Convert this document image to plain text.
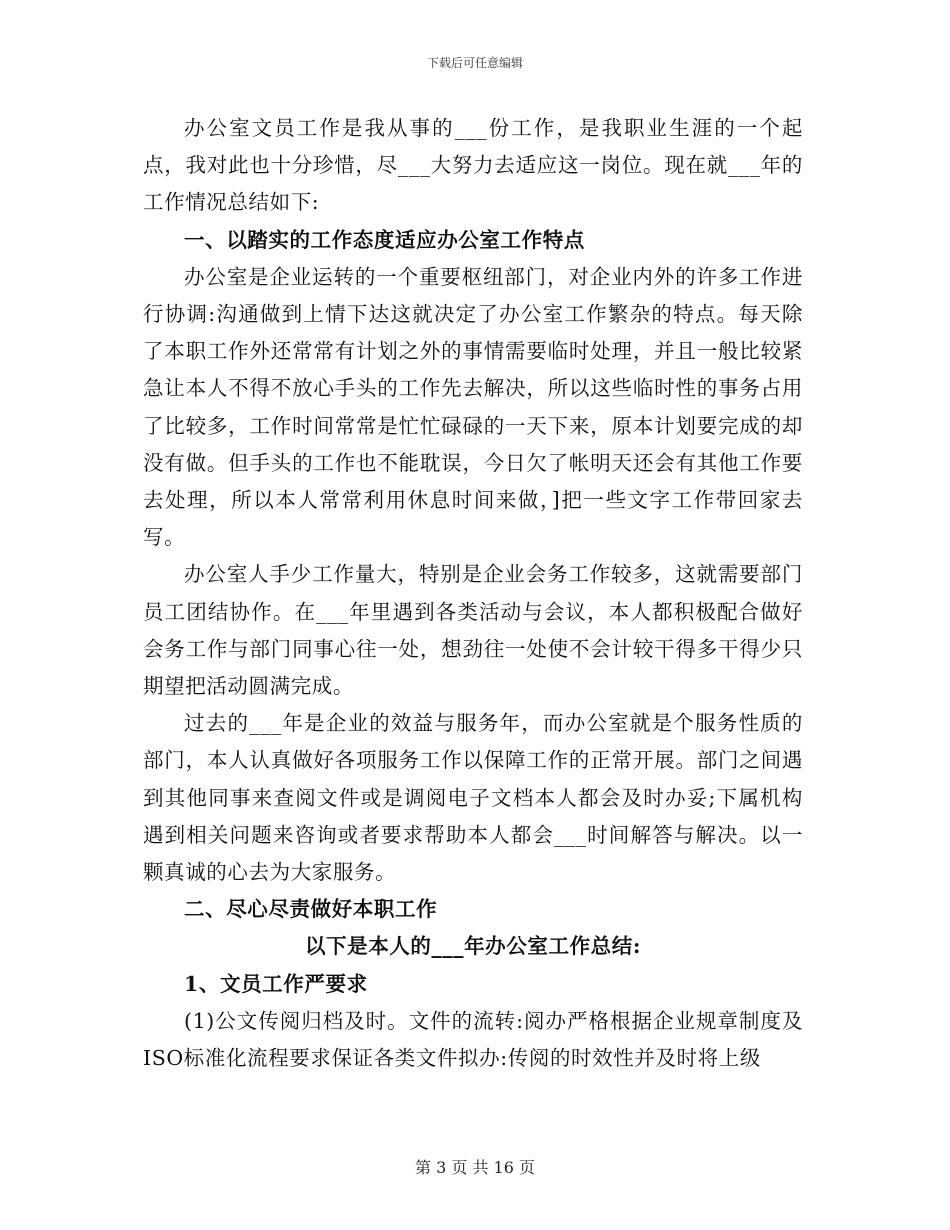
下载后可任意编辑

办公室文员工作是我从事的___份工作，是我职业生涯的一个起点，我对此也十分珍惜，尽___大努力去适应这一岗位。现在就___年的工作情况总结如下:

一、以踏实的工作态度适应办公室工作特点

办公室是企业运转的一个重要枢纽部门，对企业内外的许多工作进行协调:沟通做到上情下达这就决定了办公室工作繁杂的特点。每天除了本职工作外还常常有计划之外的事情需要临时处理，并且一般比较紧急让本人不得不放心手头的工作先去解决，所以这些临时性的事务占用了比较多，工作时间常常是忙忙碌碌的一天下来，原本计划要完成的却没有做。但手头的工作也不能耽误，今日欠了帐明天还会有其他工作要去处理，所以本人常常利用休息时间来做，]把一些文字工作带回家去写。

办公室人手少工作量大，特别是企业会务工作较多，这就需要部门员工团结协作。在___年里遇到各类活动与会议，本人都积极配合做好会务工作与部门同事心往一处，想劲往一处使不会计较干得多干得少只期望把活动圆满完成。

过去的___年是企业的效益与服务年，而办公室就是个服务性质的部门，本人认真做好各项服务工作以保障工作的正常开展。部门之间遇到其他同事来查阅文件或是调阅电子文档本人都会及时办妥;下属机构遇到相关问题来咨询或者要求帮助本人都会___时间解答与解决。以一颗真诚的心去为大家服务。

二、尽心尽责做好本职工作

以下是本人的___年办公室工作总结:

1、文员工作严要求

(1)公文传阅归档及时。文件的流转:阅办严格根据企业规章制度及ISO标准化流程要求保证各类文件拟办:传阅的时效性并及时将上级

第 3 页 共 16 页
